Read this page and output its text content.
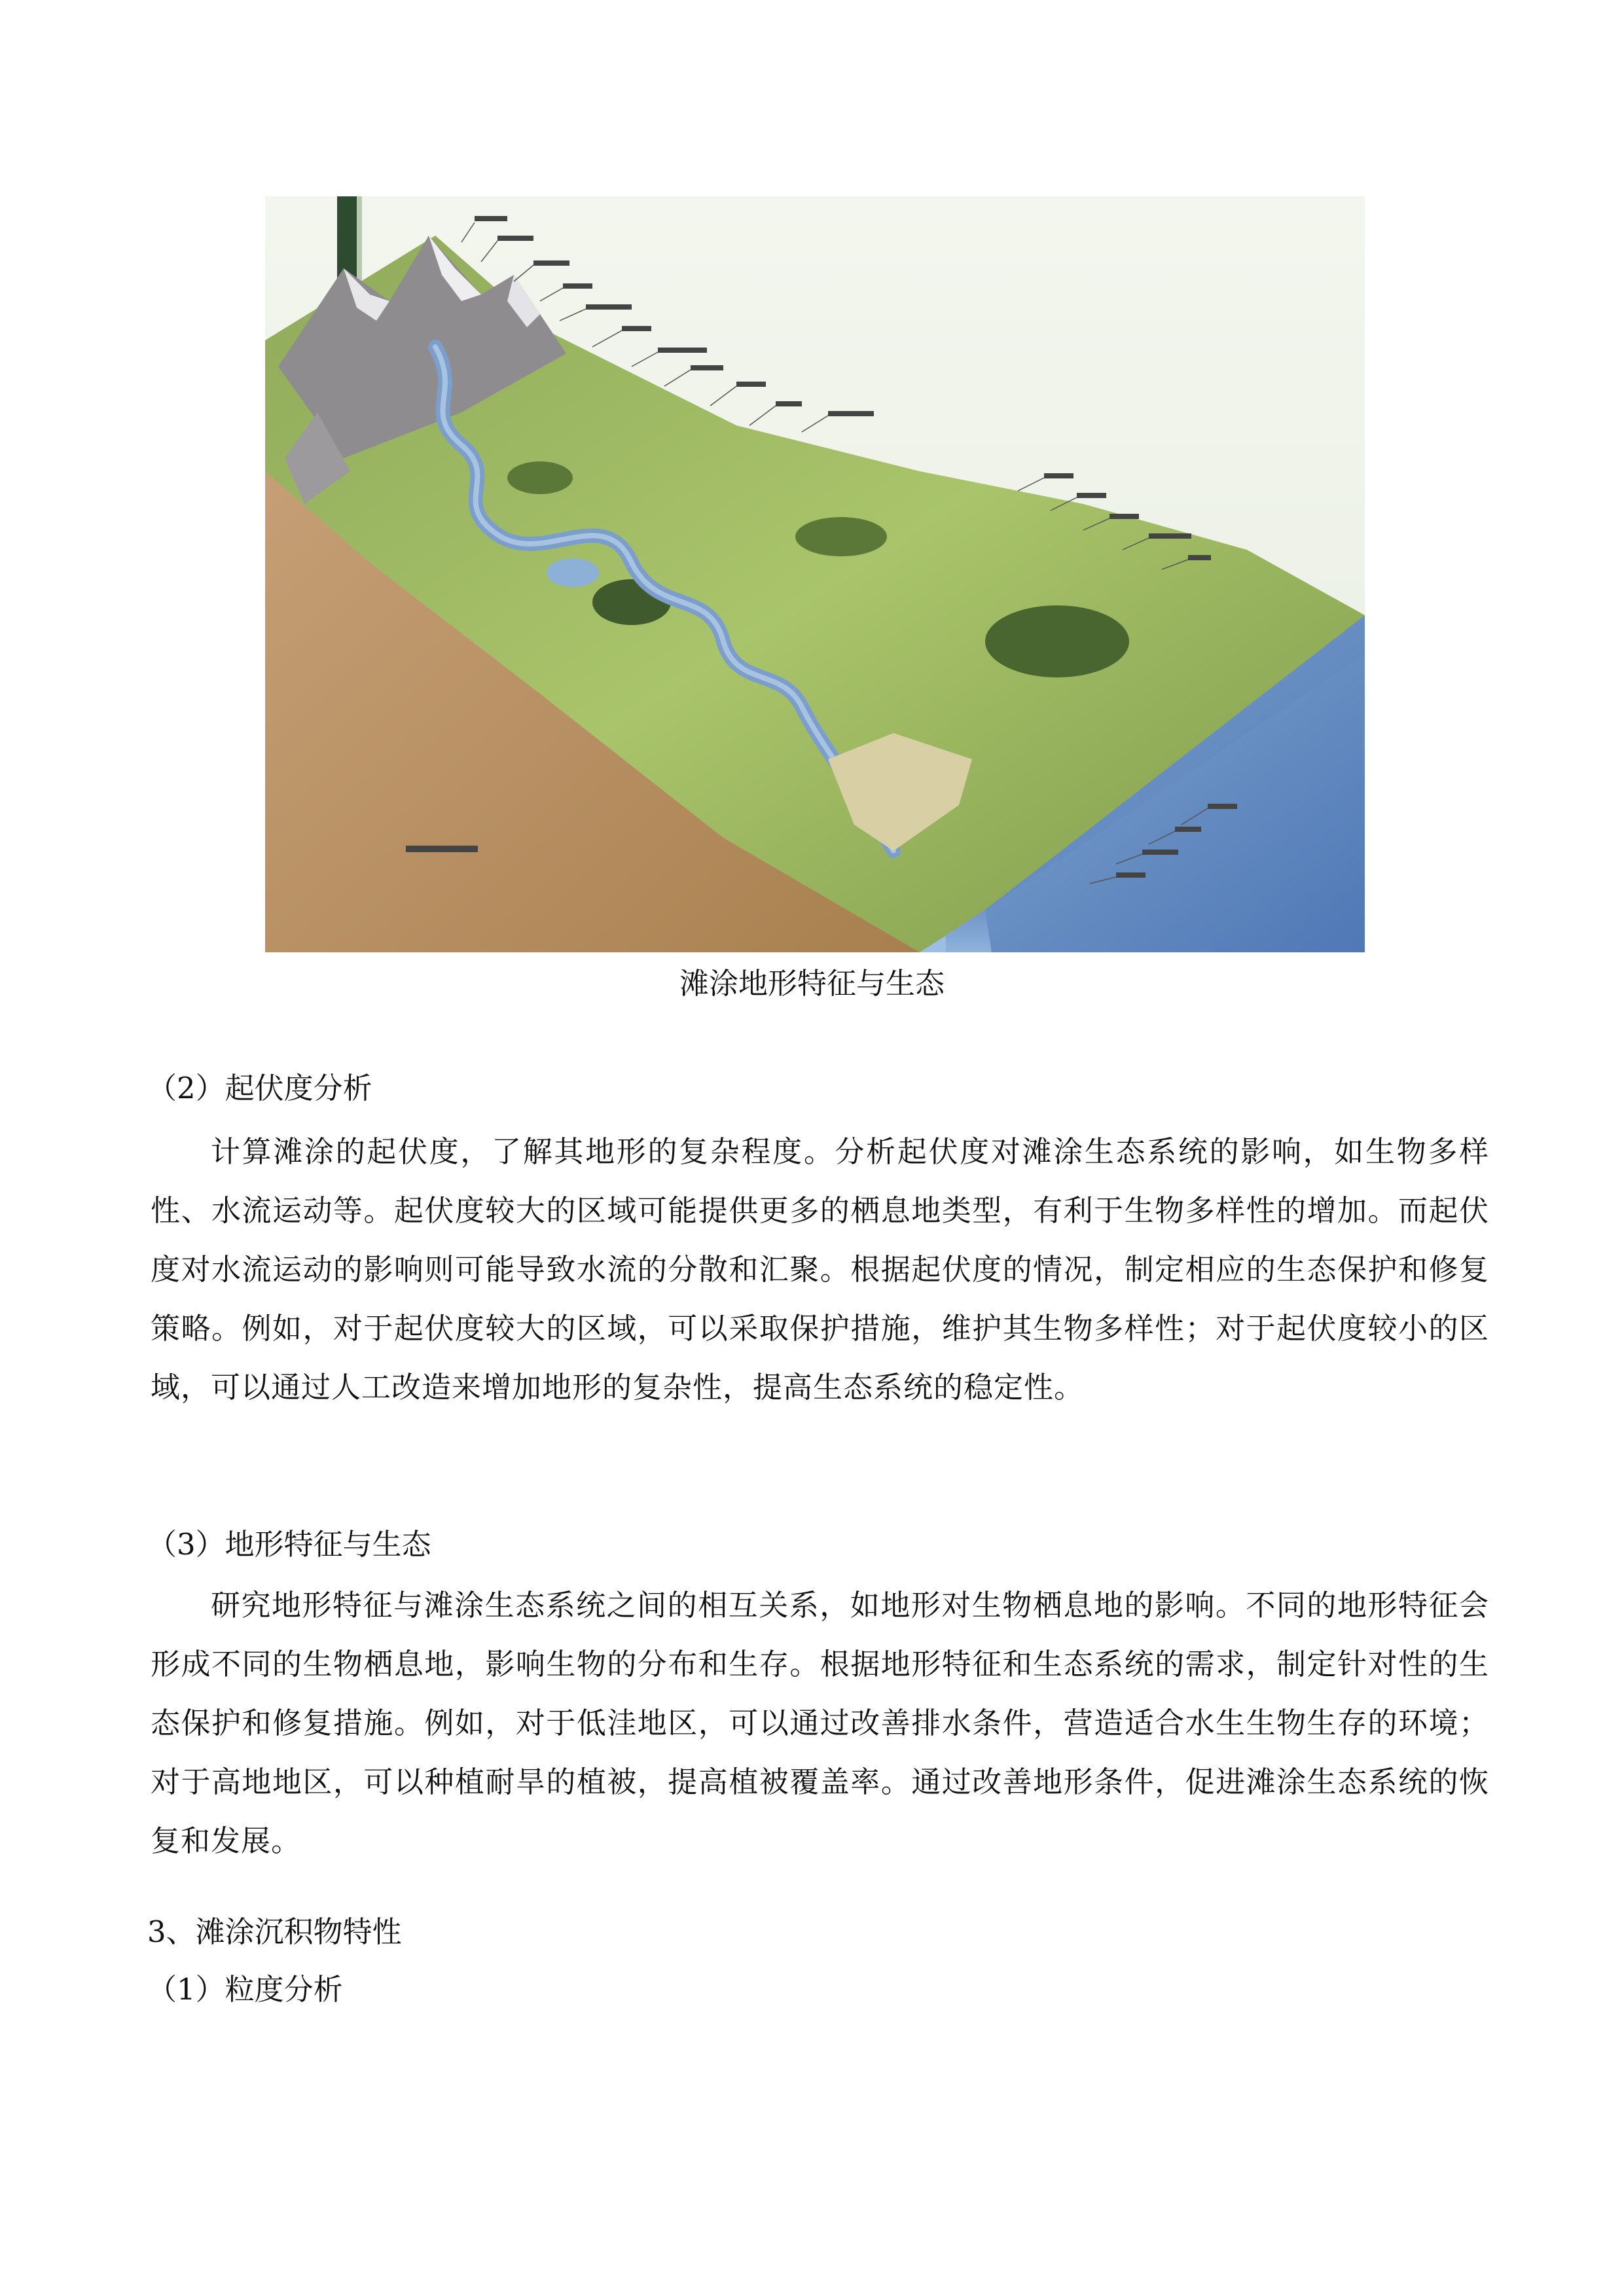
滩涂地形特征与生态
（2）起伏度分析
计算滩涂的起伏度，了解其地形的复杂程度。分析起伏度对滩涂生态系统的影响，如生物多样性、水流运动等。起伏度较大的区域可能提供更多的栖息地类型，有利于生物多样性的增加。而起伏度对水流运动的影响则可能导致水流的分散和汇聚。根据起伏度的情况，制定相应的生态保护和修复策略。例如，对于起伏度较大的区域，可以采取保护措施，维护其生物多样性；对于起伏度较小的区域，可以通过人工改造来增加地形的复杂性，提高生态系统的稳定性。
（3）地形特征与生态
研究地形特征与滩涂生态系统之间的相互关系，如地形对生物栖息地的影响。不同的地形特征会形成不同的生物栖息地，影响生物的分布和生存。根据地形特征和生态系统的需求，制定针对性的生态保护和修复措施。例如，对于低洼地区，可以通过改善排水条件，营造适合水生生物生存的环境；对于高地地区，可以种植耐旱的植被，提高植被覆盖率。通过改善地形条件，促进滩涂生态系统的恢复和发展。
3、滩涂沉积物特性
（1）粒度分析
